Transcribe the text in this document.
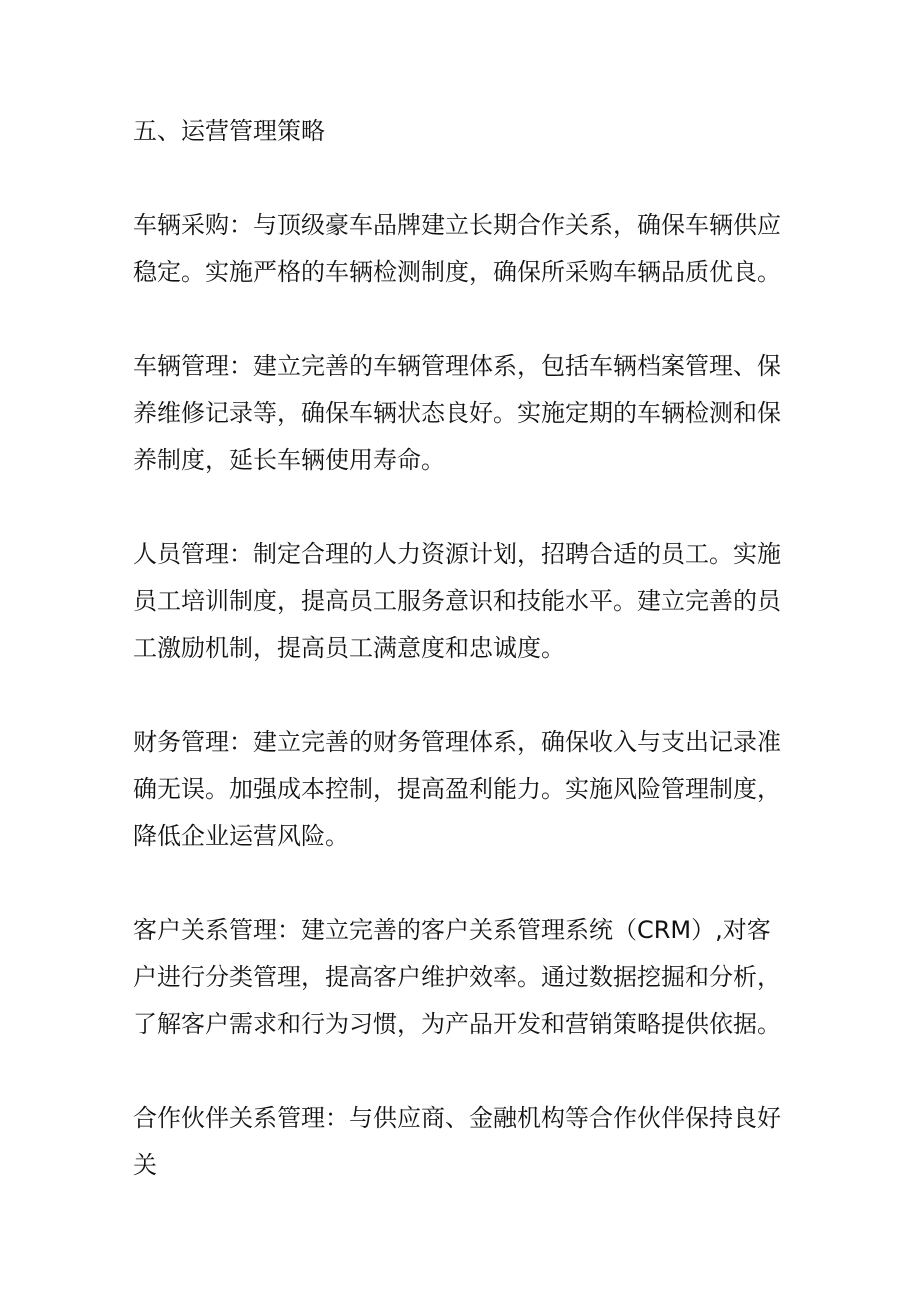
五、运营管理策略

车辆采购：与顶级豪车品牌建立长期合作关系，确保车辆供应稳定。实施严格的车辆检测制度，确保所采购车辆品质优良。

车辆管理：建立完善的车辆管理体系，包括车辆档案管理、保养维修记录等，确保车辆状态良好。实施定期的车辆检测和保养制度，延长车辆使用寿命。

人员管理：制定合理的人力资源计划，招聘合适的员工。实施员工培训制度，提高员工服务意识和技能水平。建立完善的员工激励机制，提高员工满意度和忠诚度。

财务管理：建立完善的财务管理体系，确保收入与支出记录准确无误。加强成本控制，提高盈利能力。实施风险管理制度，降低企业运营风险。

客户关系管理：建立完善的客户关系管理系统（CRM）,对客户进行分类管理，提高客户维护效率。通过数据挖掘和分析，了解客户需求和行为习惯，为产品开发和营销策略提供依据。

合作伙伴关系管理：与供应商、金融机构等合作伙伴保持良好关
